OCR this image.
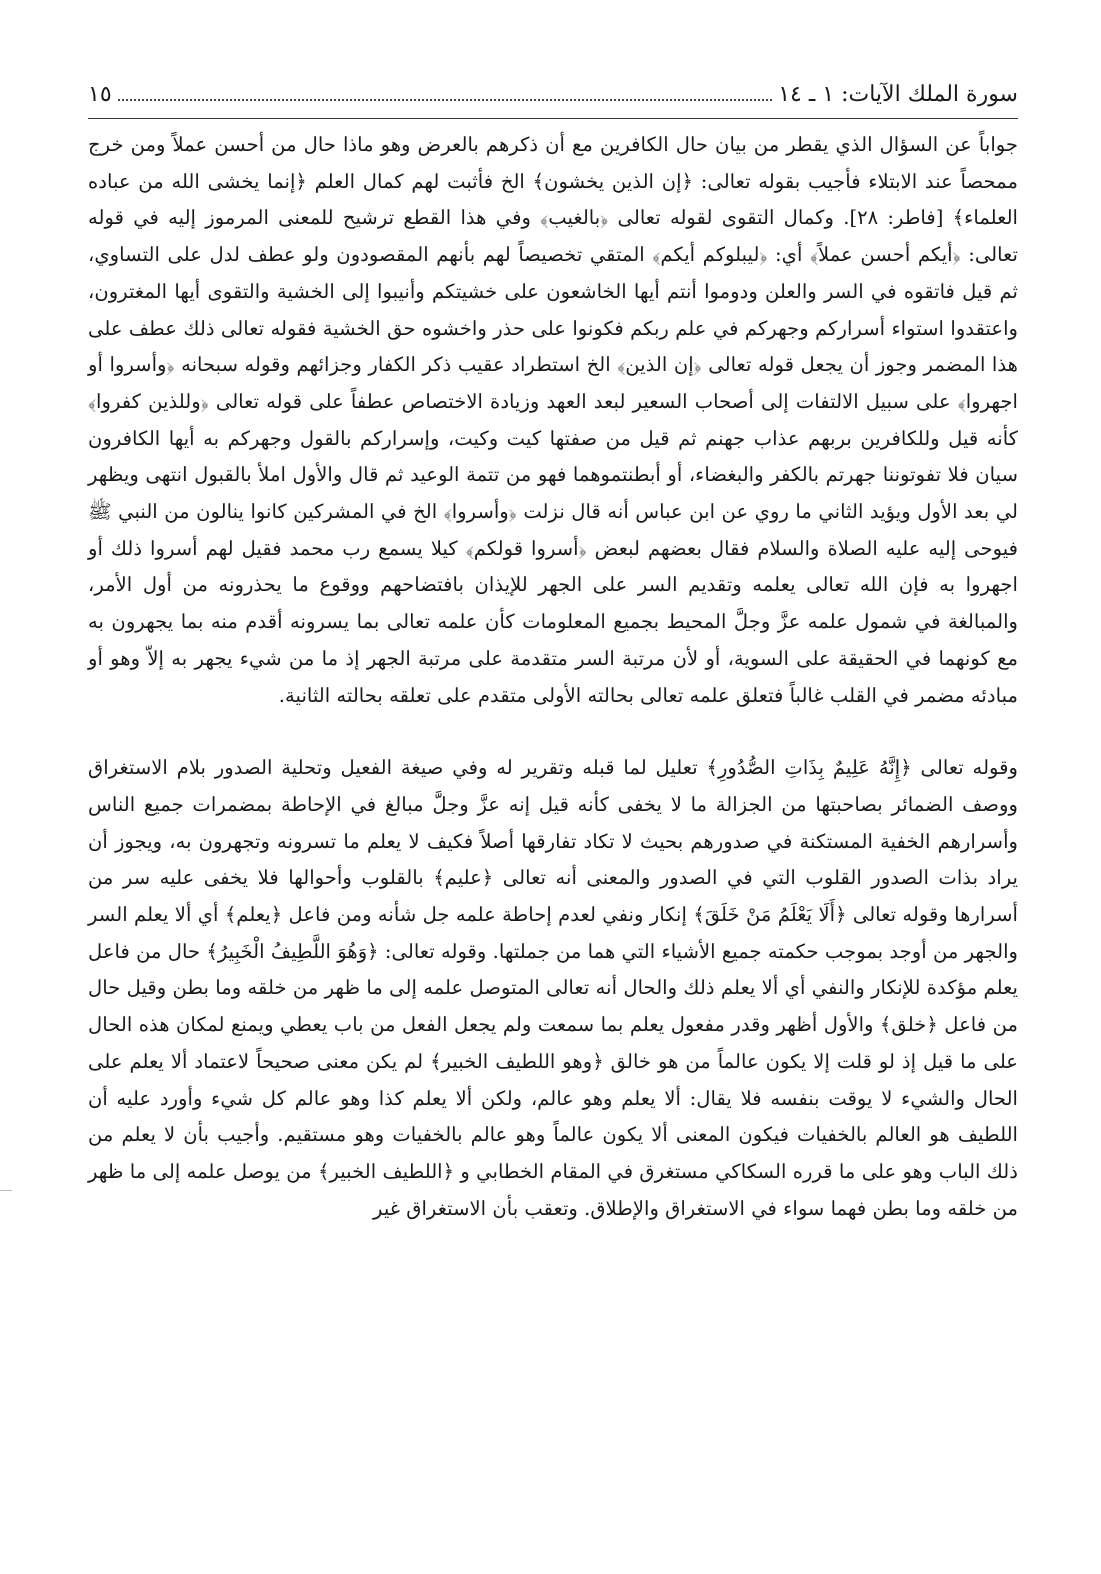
سورة الملك الآيات: ١ ـ ١٤
١٥

جواباً عن السؤال الذي يقطر من بيان حال الكافرين مع أن ذكرهم بالعرض وهو ماذا حال من أحسن عملاً ومن خرج ممحصاً عند الابتلاء فأجيب بقوله تعالى: ﴿إن الذين يخشون﴾ الخ فأثبت لهم كمال العلم ﴿إنما يخشى الله من عباده العلماء﴾ [فاطر: ٢٨]. وكمال التقوى لقوله تعالى ﴿بالغيب﴾ وفي هذا القطع ترشيح للمعنى المرموز إليه في قوله تعالى: ﴿أيكم أحسن عملاً﴾ أي: ﴿ليبلوكم أيكم﴾ المتقي تخصيصاً لهم بأنهم المقصودون ولو عطف لدل على التساوي، ثم قيل فاتقوه في السر والعلن ودوموا أنتم أيها الخاشعون على خشيتكم وأنيبوا إلى الخشية والتقوى أيها المغترون، واعتقدوا استواء أسراركم وجهركم في علم ربكم فكونوا على حذر واخشوه حق الخشية فقوله تعالى ذلك عطف على هذا المضمر وجوز أن يجعل قوله تعالى ﴿إن الذين﴾ الخ استطراد عقيب ذكر الكفار وجزائهم وقوله سبحانه ﴿وأسروا أو اجهروا﴾ على سبيل الالتفات إلى أصحاب السعير لبعد العهد وزيادة الاختصاص عطفاً على قوله تعالى ﴿وللذين كفروا﴾ كأنه قيل وللكافرين بربهم عذاب جهنم ثم قيل من صفتها كيت وكيت، وإسراركم بالقول وجهركم به أيها الكافرون سيان فلا تفوتوننا جهرتم بالكفر والبغضاء، أو أبطنتموهما فهو من تتمة الوعيد ثم قال والأول املأ بالقبول انتهى ويظهر لي بعد الأول ويؤيد الثاني ما روي عن ابن عباس أنه قال نزلت ﴿وأسروا﴾ الخ في المشركين كانوا ينالون من النبي ﷺ فيوحى إليه عليه الصلاة والسلام فقال بعضهم لبعض ﴿أسروا قولكم﴾ كيلا يسمع رب محمد فقيل لهم أسروا ذلك أو اجهروا به فإن الله تعالى يعلمه وتقديم السر على الجهر للإيذان بافتضاحهم ووقوع ما يحذرونه من أول الأمر، والمبالغة في شمول علمه عزَّ وجلَّ المحيط بجميع المعلومات كأن علمه تعالى بما يسرونه أقدم منه بما يجهرون به مع كونهما في الحقيقة على السوية، أو لأن مرتبة السر متقدمة على مرتبة الجهر إذ ما من شيء يجهر به إلاّ وهو أو مبادئه مضمر في القلب غالباً فتعلق علمه تعالى بحالته الأولى متقدم على تعلقه بحالته الثانية.

وقوله تعالى ﴿إِنَّهُ عَلِيمٌ بِذَاتِ الصُّدُورِ﴾ تعليل لما قبله وتقرير له وفي صيغة الفعيل وتحلية الصدور بلام الاستغراق ووصف الضمائر بصاحبتها من الجزالة ما لا يخفى كأنه قيل إنه عزَّ وجلَّ مبالغ في الإحاطة بمضمرات جميع الناس وأسرارهم الخفية المستكنة في صدورهم بحيث لا تكاد تفارقها أصلاً فكيف لا يعلم ما تسرونه وتجهرون به، ويجوز أن يراد بذات الصدور القلوب التي في الصدور والمعنى أنه تعالى ﴿عليم﴾ بالقلوب وأحوالها فلا يخفى عليه سر من أسرارها وقوله تعالى ﴿أَلَا يَعْلَمُ مَنْ خَلَقَ﴾ إنكار ونفي لعدم إحاطة علمه جل شأنه ومن فاعل ﴿يعلم﴾ أي ألا يعلم السر والجهر من أوجد بموجب حكمته جميع الأشياء التي هما من جملتها. وقوله تعالى: ﴿وَهُوَ اللَّطِيفُ الْخَبِيرُ﴾ حال من فاعل يعلم مؤكدة للإنكار والنفي أي ألا يعلم ذلك والحال أنه تعالى المتوصل علمه إلى ما ظهر من خلقه وما بطن وقيل حال من فاعل ﴿خلق﴾ والأول أظهر وقدر مفعول يعلم بما سمعت ولم يجعل الفعل من باب يعطي ويمنع لمكان هذه الحال على ما قيل إذ لو قلت إلا يكون عالماً من هو خالق ﴿وهو اللطيف الخبير﴾ لم يكن معنى صحيحاً لاعتماد ألا يعلم على الحال والشيء لا يوقت بنفسه فلا يقال: ألا يعلم وهو عالم، ولكن ألا يعلم كذا وهو عالم كل شيء وأورد عليه أن اللطيف هو العالم بالخفيات فيكون المعنى ألا يكون عالماً وهو عالم بالخفيات وهو مستقيم. وأجيب بأن لا يعلم من ذلك الباب وهو على ما قرره السكاكي مستغرق في المقام الخطابي و ﴿اللطيف الخبير﴾ من يوصل علمه إلى ما ظهر من خلقه وما بطن فهما سواء في الاستغراق والإطلاق. وتعقب بأن الاستغراق غير
